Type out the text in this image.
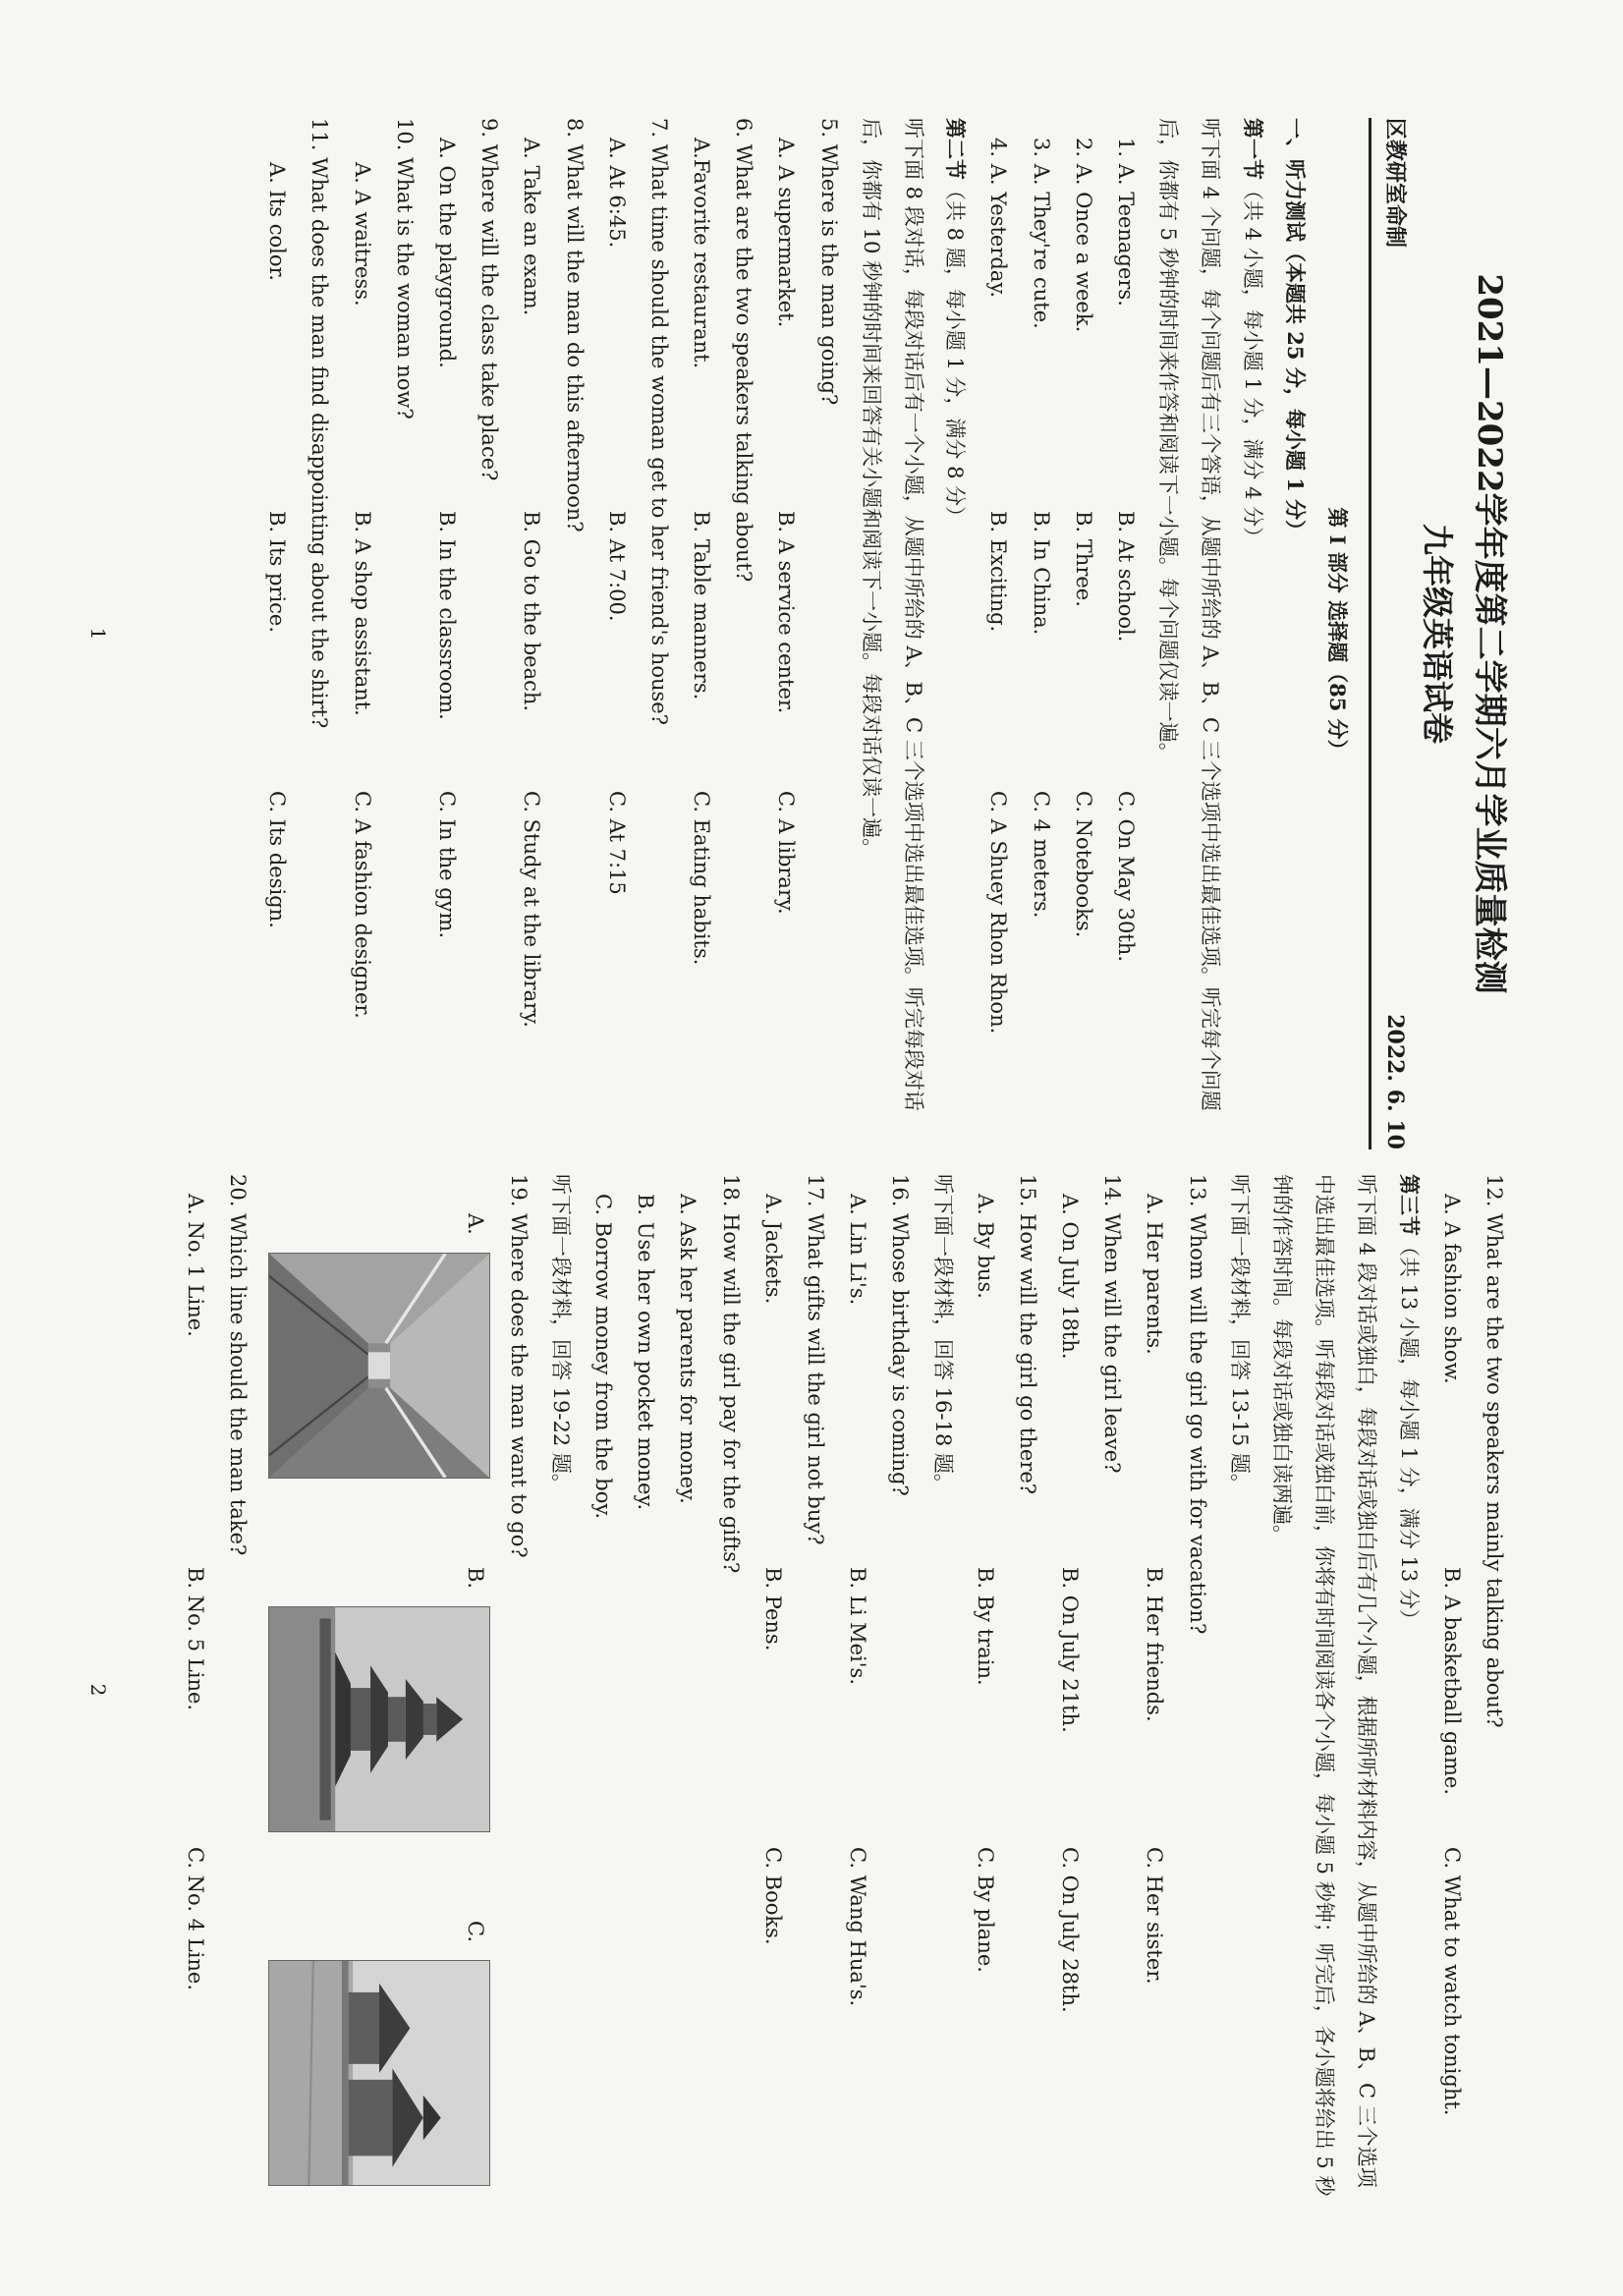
2021—2022学年度第二学期六月学业质量检测
九年级英语试卷
区教研室命制
2022. 6. 10
第 I 部分 选择题（85 分）
一、听力测试（本题共 25 分，每小题 1 分）
第一节（共 4 小题，每小题 1 分，满分 4 分）
听下面 4 个问题，每个问题后有三个答语，从题中所给的 A、B、C 三个选项中选出最佳选项。听完每个问题后，你都有 5 秒钟的时间来作答和阅读下一小题。每个问题仅读一遍。
1. A. Teenagers.
B. At school.
C. On May 30th.
2. A. Once a week.
B. Three.
C. Notebooks.
3. A. They're cute.
B. In China.
C. 4 meters.
4. A. Yesterday.
B. Exciting.
C. A Shuey Rhon Rhon.
第二节（共 8 题，每小题 1 分，满分 8 分）
听下面 8 段对话，每段对话后有一个小题，从题中所给的 A、B、C 三个选项中选出最佳选项。听完每段对话后，你都有 10 秒钟的时间来回答有关小题和阅读下一小题。每段对话仅读一遍。
5. Where is the man going?
A. A supermarket.
B. A service center.
C. A library.
6. What are the two speakers talking about?
A.Favorite restaurant.
B. Table manners.
C. Eating habits.
7. What time should the woman get to her friend's house?
A. At 6:45.
B. At 7:00.
C. At 7:15
8. What will the man do this afternoon?
A. Take an exam.
B. Go to the beach.
C. Study at the library.
9. Where will the class take place?
A. On the playground.
B. In the classroom.
C. In the gym.
10. What is the woman now?
A. A waitress.
B. A shop assistant.
C. A fashion designer.
11. What does the man find disappointing about the shirt?
A. Its color.
B. Its price.
C. Its design.
1
12. What are the two speakers mainly talking about?
A. A fashion show.
B. A basketball game.
C. What to watch tonight.
第三节（共 13 小题，每小题 1 分，满分 13 分）
听下面 4 段对话或独白，每段对话或独白后有几个小题，根据所听材料内容，从题中所给的 A、B、C 三个选项中选出最佳选项。听每段对话或独白前，你将有时间阅读各个小题，每小题 5 秒钟；听完后，各小题将给出 5 秒钟的作答时间。每段对话或独白读两遍。
听下面一段材料，回答 13-15 题。
13. Whom will the girl go with for vacation?
A. Her parents.
B. Her friends.
C. Her sister.
14. When will the girl leave?
A. On July 18th.
B. On July 21th.
C. On July 28th.
15. How will the girl go there?
A. By bus.
B. By train.
C. By plane.
听下面一段材料，回答 16-18 题。
16. Whose birthday is coming?
A. Lin Li's.
B. Li Mei's.
C. Wang Hua's.
17. What gifts will the girl not buy?
A. Jackets.
B. Pens.
C. Books.
18. How will the girl pay for the gifts?
A. Ask her parents for money.
B. Use her own pocket money.
C. Borrow money from the boy.
听下面一段材料，回答 19-22 题。
19. Where does the man want to go?
A.
B.
C.
20. Which line should the man take?
A. No. 1 Line.
B. No. 5 Line.
C. No. 4 Line.
2
